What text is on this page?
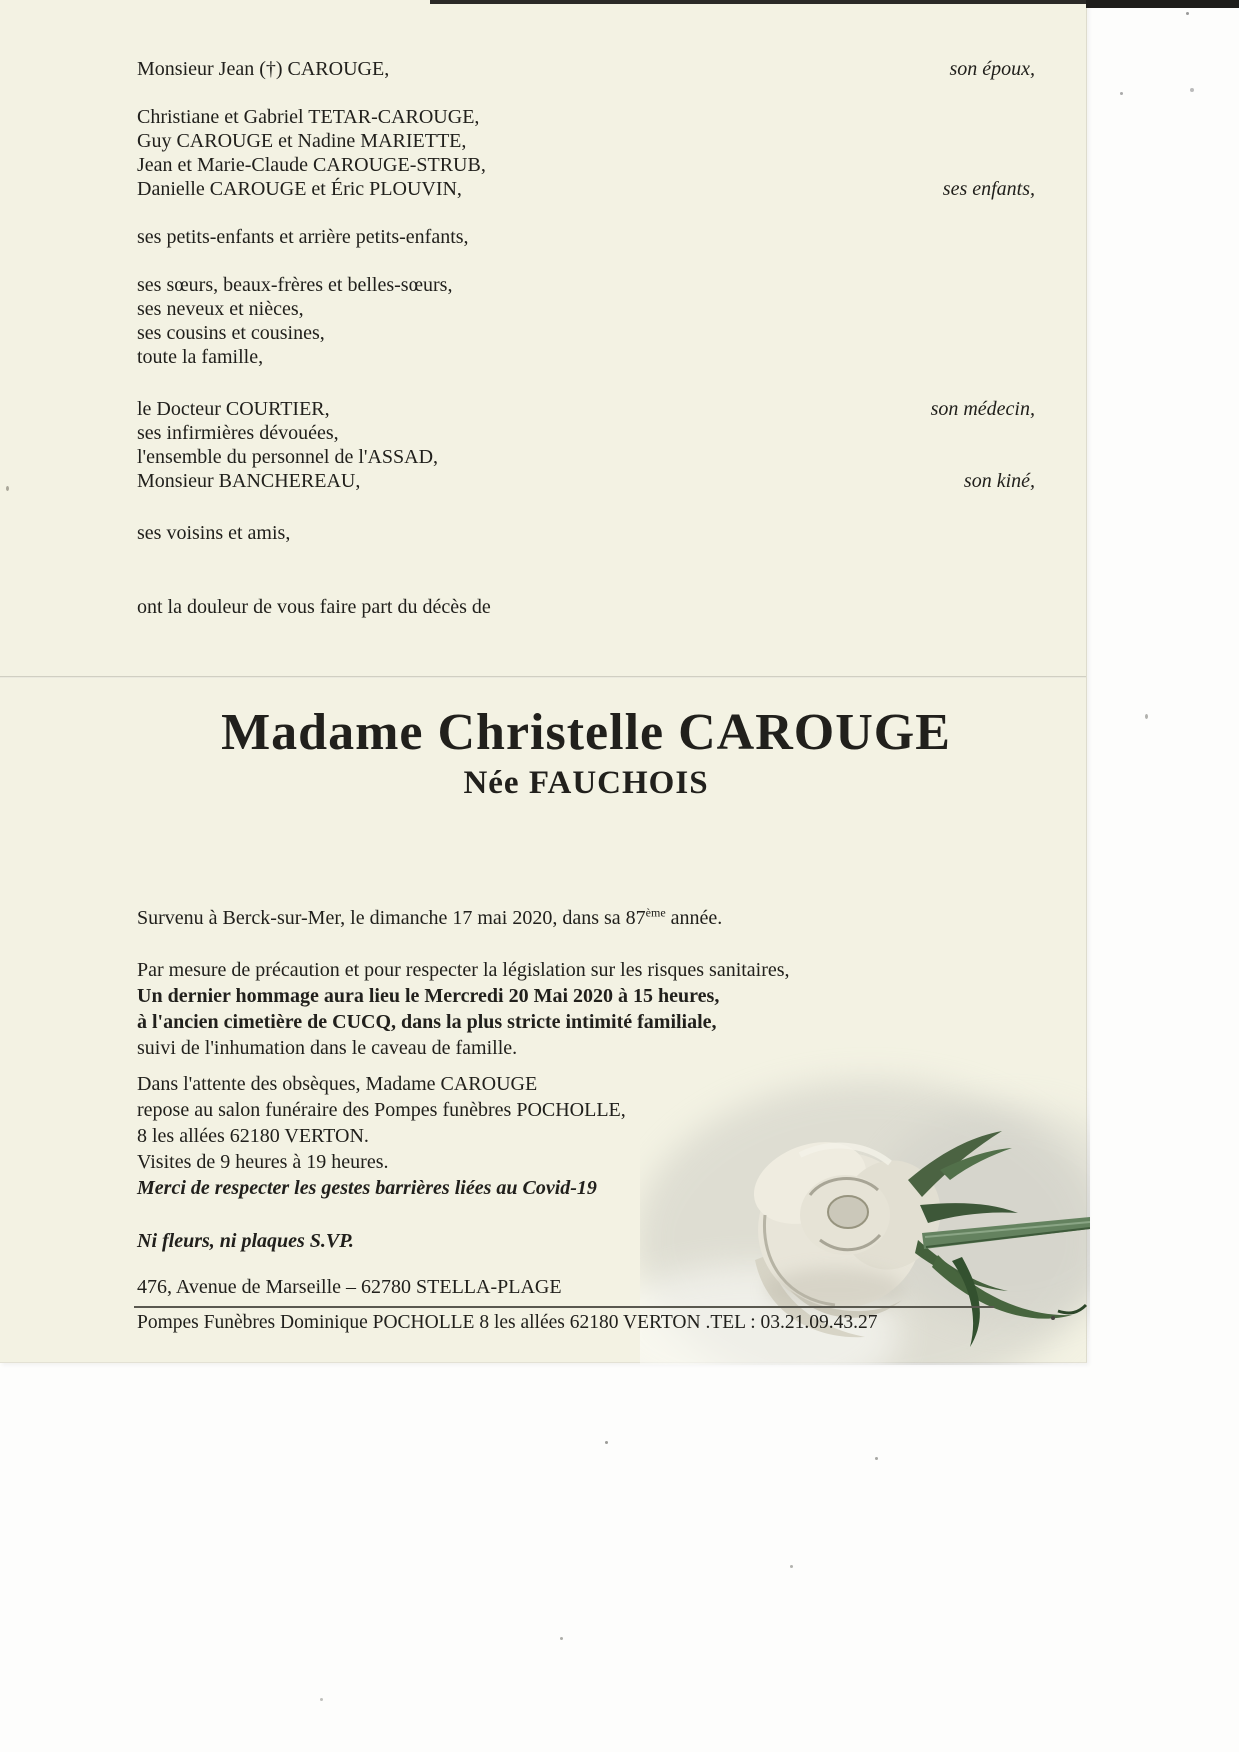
Monsieur Jean (†) CAROUGE,	son époux,
Christiane et Gabriel TETAR-CAROUGE,
Guy CAROUGE et Nadine MARIETTE,
Jean et Marie-Claude CAROUGE-STRUB,
Danielle CAROUGE et Éric PLOUVIN,	ses enfants,
ses petits-enfants et arrière petits-enfants,
ses sœurs, beaux-frères et belles-sœurs,
ses neveux et nièces,
ses cousins et cousines,
toute la famille,
le Docteur COURTIER,	son médecin,
ses infirmières dévouées,
l'ensemble du personnel de l'ASSAD,
Monsieur BANCHEREAU,	son kiné,
ses voisins et amis,
ont la douleur de vous faire part du décès de
Madame Christelle CAROUGE
Née FAUCHOIS
Survenu à Berck-sur-Mer, le dimanche 17 mai 2020, dans sa 87ème année.
Par mesure de précaution et pour respecter la législation sur les risques sanitaires,
Un dernier hommage aura lieu le Mercredi 20 Mai 2020 à 15 heures,
à l'ancien cimetière de CUCQ, dans la plus stricte intimité familiale,
suivi de l'inhumation dans le caveau de famille.
Dans l'attente des obsèques, Madame CAROUGE
repose au salon funéraire des Pompes funèbres POCHOLLE,
8 les allées 62180 VERTON.
Visites de 9 heures à 19 heures.
Merci de respecter les gestes barrières liées au Covid-19
Ni fleurs, ni plaques S.VP.
476, Avenue de Marseille – 62780 STELLA-PLAGE
Pompes Funèbres Dominique POCHOLLE 8 les allées 62180 VERTON .TEL : 03.21.09.43.27
